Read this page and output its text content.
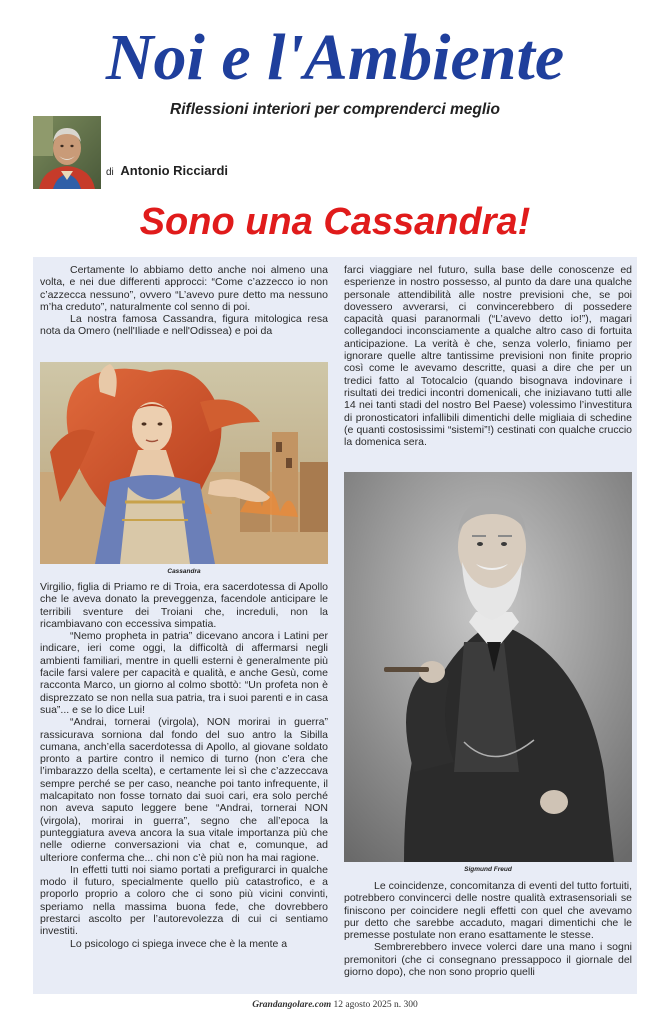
Noi e l'Ambiente
Riflessioni interiori per comprenderci meglio
di Antonio Ricciardi
Sono una Cassandra!

Certamente lo abbiamo detto anche noi almeno una volta, e nei due differenti approcci: “Come c’azzecco io non c’azzecca nessuno”, ovvero “L’avevo pure detto ma nessuno m’ha creduto”, naturalmente col senno di poi.

La nostra famosa Cassandra, figura mitologica resa nota da Omero (nell'Iliade e nell'Odissea) e poi da

Cassandra

Virgilio, figlia di Priamo re di Troia, era sacerdotessa di Apollo che le aveva donato la preveggenza, facendole anticipare le terribili sventure dei Troiani che, increduli, non la ricambiavano con eccessiva simpatia.

“Nemo propheta in patria” dicevano ancora i Latini per indicare, ieri come oggi, la difficoltà di affermarsi negli ambienti familiari, mentre in quelli esterni è generalmente più facile farsi valere per capacità e qualità, e anche Gesù, come racconta Marco, un giorno al colmo sbottò: “Un profeta non è disprezzato se non nella sua patria, tra i suoi parenti e in casa sua”... e se lo dice Lui!

“Andrai, tornerai (virgola), NON morirai in guerra” rassicurava sorniona dal fondo del suo antro la Sibilla cumana, anch’ella sacerdotessa di Apollo, al giovane soldato pronto a partire contro il nemico di turno (non c’era che l’imbarazzo della scelta), e certamente lei sì che c’azzeccava sempre perché se per caso, neanche poi tanto infrequente, il malcapitato non fosse tornato dai suoi cari, era solo perché non aveva saputo leggere bene “Andrai, tornerai NON (virgola), morirai in guerra”, segno che all’epoca la punteggiatura aveva ancora la sua vitale importanza più che nelle odierne conversazioni via chat e, comunque, ad ulteriore conferma che... chi non c’è più non ha mai ragione.

In effetti tutti noi siamo portati a prefigurarci in qualche modo il futuro, specialmente quello più catastrofico, e a proporlo proprio a coloro che ci sono più vicini convinti, speriamo nella massima buona fede, che dovrebbero prestarci ascolto per l’autorevolezza di cui ci sentiamo investiti.

Lo psicologo ci spiega invece che è la mente a

farci viaggiare nel futuro, sulla base delle conoscenze ed esperienze in nostro possesso, al punto da dare una qualche personale attendibilità alle nostre previsioni che, se poi dovessero avverarsi, ci convincerebbero di possedere capacità quasi paranormali (“L’avevo detto io!”), magari collegandoci inconsciamente a qualche altro caso di fortuita anticipazione. La verità è che, senza volerlo, finiamo per ignorare quelle altre tantissime previsioni non finite proprio così come le avevamo descritte, quasi a dire che per un tredici fatto al Totocalcio (quando bisognava indovinare i risultati dei tredici incontri domenicali, che iniziavano tutti alle 14 nei tanti stadi del nostro Bel Paese) volessimo l’investitura di pronosticatori infallibili dimentichi delle migliaia di schedine (e quanti costosissimi “sistemi”!) cestinati con qualche cruccio la domenica sera.

Sigmund Freud

Le coincidenze, concomitanza di eventi del tutto fortuiti, potrebbero convincerci delle nostre qualità extrasensoriali se finiscono per coincidere negli effetti con quel che avevamo pur detto che sarebbe accaduto, magari dimentichi che le premesse postulate non erano esattamente le stesse.

Sembrerebbero invece volerci dare una mano i sogni premonitori (che ci consegnano pressappoco il giornale del giorno dopo), che non sono proprio quelli

Grandangolare.com 12 agosto 2025 n. 300
